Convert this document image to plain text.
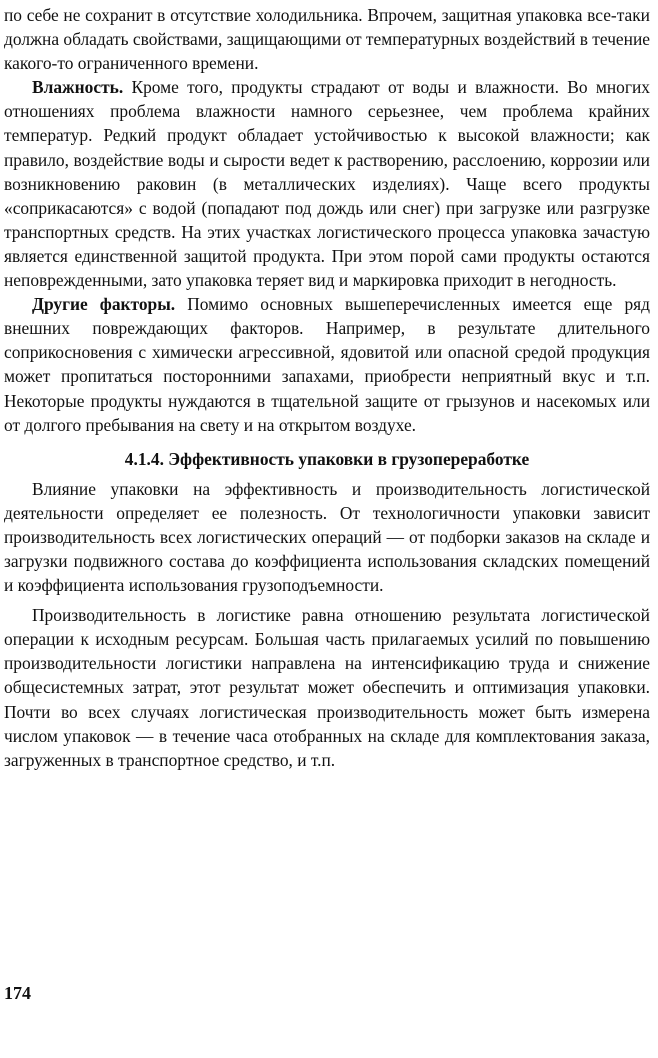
по себе не сохранит в отсутствие холодильника. Впрочем, защитная упаковка все-таки должна обладать свойствами, защищающими от температурных воздействий в течение какого-то ограниченного времени.

Влажность. Кроме того, продукты страдают от воды и влажности. Во многих отношениях проблема влажности намного серьезнее, чем проблема крайних температур. Редкий продукт обладает устойчивостью к высокой влажности; как правило, воздействие воды и сырости ведет к растворению, расслоению, коррозии или возникновению раковин (в металлических изделиях). Чаще всего продукты «соприкасаются» с водой (попадают под дождь или снег) при загрузке или разгрузке транспортных средств. На этих участках логистического процесса упаковка зачастую является единственной защитой продукта. При этом порой сами продукты остаются неповрежденными, зато упаковка теряет вид и маркировка приходит в негодность.

Другие факторы. Помимо основных вышеперечисленных имеется еще ряд внешних повреждающих факторов. Например, в результате длительного соприкосновения с химически агрессивной, ядовитой или опасной средой продукция может пропитаться посторонними запахами, приобрести неприятный вкус и т.п. Некоторые продукты нуждаются в тщательной защите от грызунов и насекомых или от долгого пребывания на свету и на открытом воздухе.

4.1.4. Эффективность упаковки в грузопереработке

Влияние упаковки на эффективность и производительность логистической деятельности определяет ее полезность. От технологичности упаковки зависит производительность всех логистических операций — от подборки заказов на складе и загрузки подвижного состава до коэффициента использования складских помещений и коэффициента использования грузоподъемности.

Производительность в логистике равна отношению результата логистической операции к исходным ресурсам. Большая часть прилагаемых усилий по повышению производительности логистики направлена на интенсификацию труда и снижение общесистемных затрат, этот результат может обеспечить и оптимизация упаковки. Почти во всех случаях логистическая производительность может быть измерена числом упаковок — в течение часа отобранных на складе для комплектования заказа, загруженных в транспортное средство, и т.п.

174
